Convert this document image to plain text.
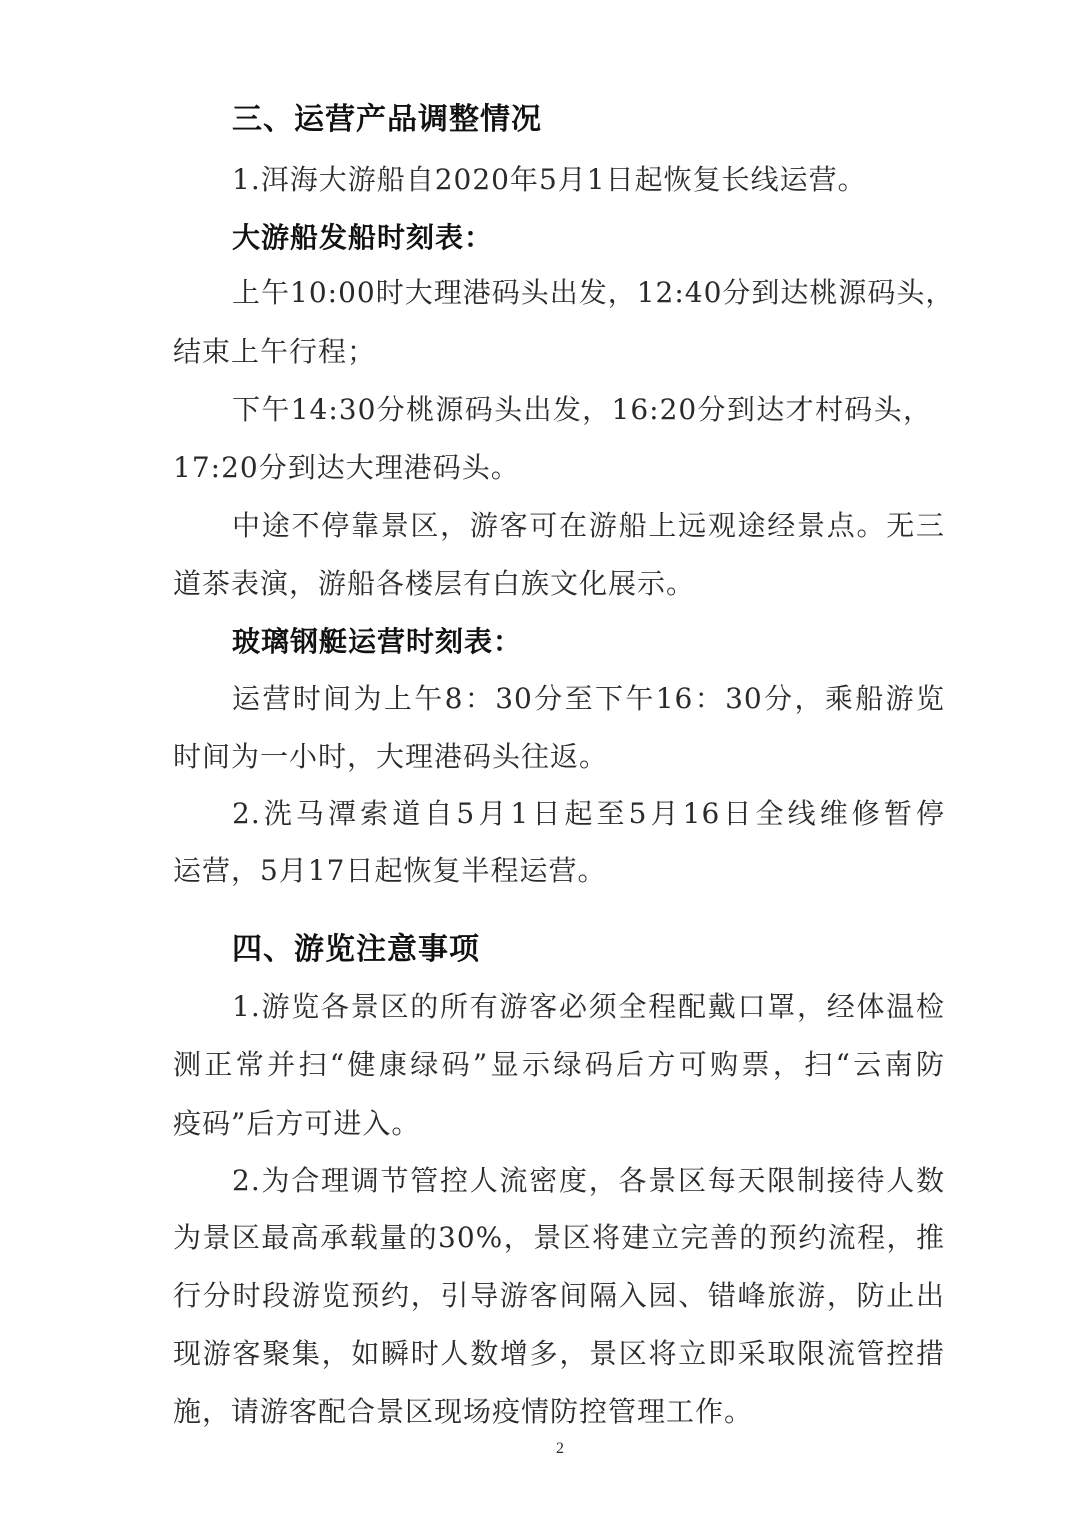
三、运营产品调整情况
1.洱海大游船自2020年5月1日起恢复长线运营。
大游船发船时刻表：
上午10:00时大理港码头出发，12:40分到达桃源码头，
结束上午行程；
下午14:30分桃源码头出发，16:20分到达才村码头，
17:20分到达大理港码头。
中途不停靠景区，游客可在游船上远观途经景点。无三
道茶表演，游船各楼层有白族文化展示。
玻璃钢艇运营时刻表：
运营时间为上午8：30分至下午16：30分，乘船游览
时间为一小时，大理港码头往返。
2.洗马潭索道自5月1日起至5月16日全线维修暂停
运营，5月17日起恢复半程运营。
四、游览注意事项
1.游览各景区的所有游客必须全程配戴口罩，经体温检
测正常并扫“健康绿码”显示绿码后方可购票，扫“云南防
疫码”后方可进入。
2.为合理调节管控人流密度，各景区每天限制接待人数
为景区最高承载量的30%，景区将建立完善的预约流程，推
行分时段游览预约，引导游客间隔入园、错峰旅游，防止出
现游客聚集，如瞬时人数增多，景区将立即采取限流管控措
施，请游客配合景区现场疫情防控管理工作。
2
